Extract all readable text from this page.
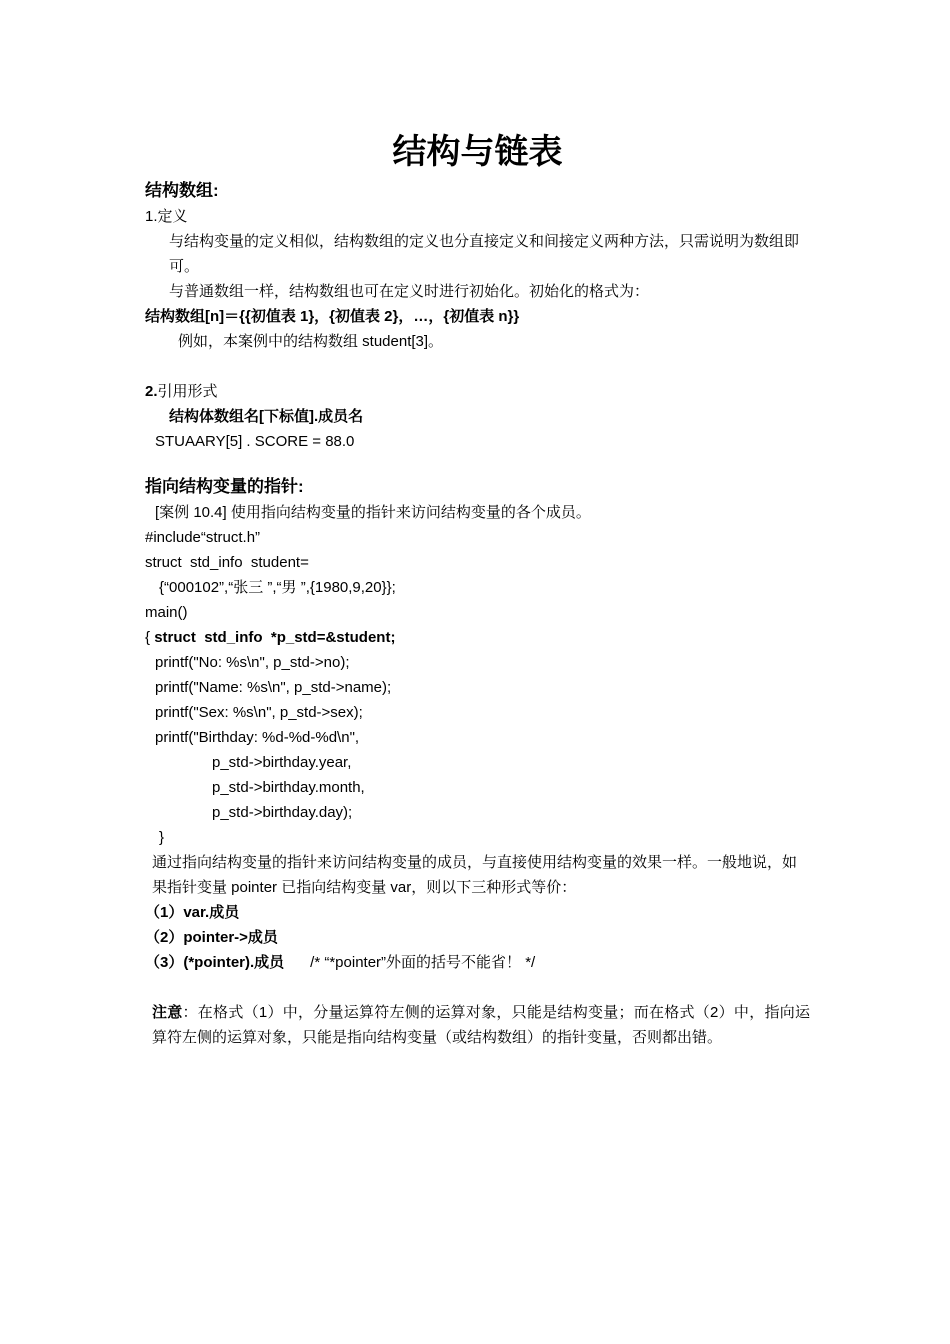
结构与链表

结构数组:

1.定义

与结构变量的定义相似，结构数组的定义也分直接定义和间接定义两种方法，只需说明为数组即可。

与普通数组一样，结构数组也可在定义时进行初始化。初始化的格式为：

结构数组[n]＝{{初值表 1}，{初值表 2}，…，{初值表 n}}

例如，本案例中的结构数组 student[3]。

2.引用形式

结构体数组名[下标值].成员名

STUAARY[5] . SCORE = 88.0

指向结构变量的指针:

[案例 10.4] 使用指向结构变量的指针来访问结构变量的各个成员。

#include“struct.h”

struct  std_info  student=

{“000102”,“张三 ”,“男 ”,{1980,9,20}};

main()

{ struct  std_info  *p_std=&student;

printf("No: %s\n", p_std->no);

printf("Name: %s\n", p_std->name);

printf("Sex: %s\n", p_std->sex);

printf("Birthday: %d-%d-%d\n",

p_std->birthday.year,

p_std->birthday.month,

p_std->birthday.day);

}

通过指向结构变量的指针来访问结构变量的成员，与直接使用结构变量的效果一样。一般地说，如果指针变量 pointer 已指向结构变量 var，则以下三种形式等价：

（1）var.成员

（2）pointer->成员

（3）(*pointer).成员 /* “*pointer”外面的括号不能省！ */

注意：在格式（1）中，分量运算符左侧的运算对象，只能是结构变量；而在格式（2）中，指向运算符左侧的运算对象，只能是指向结构变量（或结构数组）的指针变量，否则都出错。
